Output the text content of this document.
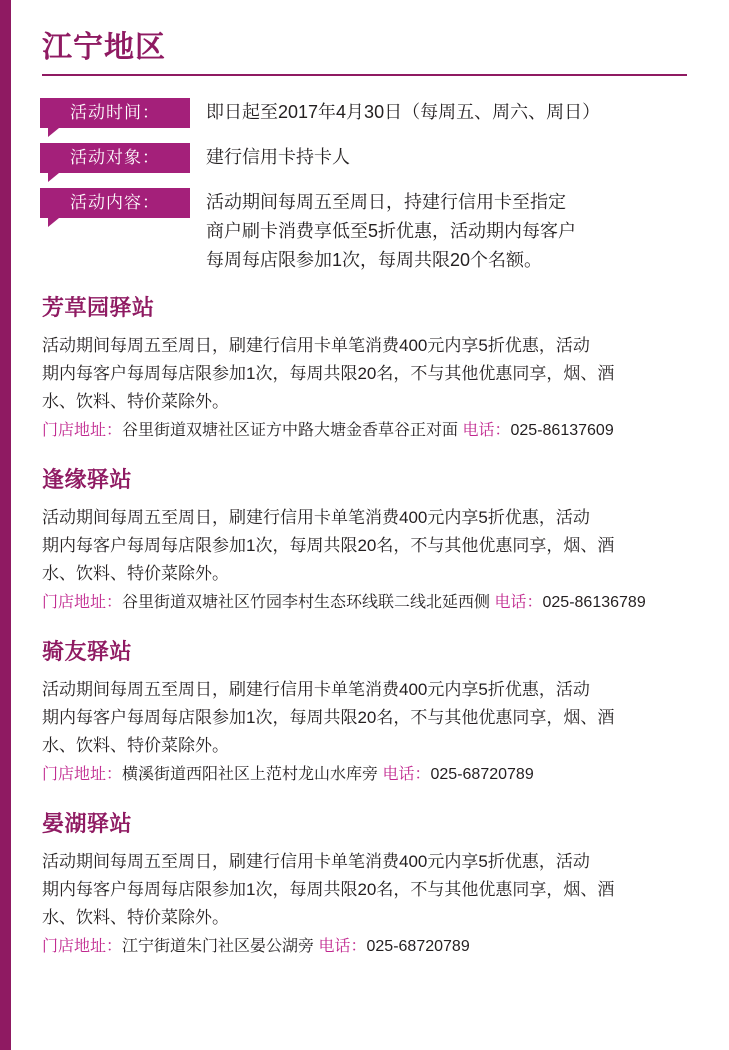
江宁地区
活动时间：	即日起至2017年4月30日（每周五、周六、周日）
活动对象：	建行信用卡持卡人
活动内容：	活动期间每周五至周日，持建行信用卡至指定
商户刷卡消费享低至5折优惠，活动期内每客户
每周每店限参加1次，每周共限20个名额。
芳草园驿站
活动期间每周五至周日，刷建行信用卡单笔消费400元内享5折优惠，活动
期内每客户每周每店限参加1次，每周共限20名，不与其他优惠同享，烟、酒
水、饮料、特价菜除外。
门店地址：谷里街道双塘社区证方中路大塘金香草谷正对面 电话：025-86137609
逢缘驿站
活动期间每周五至周日，刷建行信用卡单笔消费400元内享5折优惠，活动
期内每客户每周每店限参加1次，每周共限20名，不与其他优惠同享，烟、酒
水、饮料、特价菜除外。
门店地址：谷里街道双塘社区竹园李村生态环线联二线北延西侧 电话：025-86136789
骑友驿站
活动期间每周五至周日，刷建行信用卡单笔消费400元内享5折优惠，活动
期内每客户每周每店限参加1次，每周共限20名，不与其他优惠同享，烟、酒
水、饮料、特价菜除外。
门店地址：横溪街道西阳社区上范村龙山水库旁 电话：025-68720789
晏湖驿站
活动期间每周五至周日，刷建行信用卡单笔消费400元内享5折优惠，活动
期内每客户每周每店限参加1次，每周共限20名，不与其他优惠同享，烟、酒
水、饮料、特价菜除外。
门店地址：江宁街道朱门社区晏公湖旁 电话：025-68720789
